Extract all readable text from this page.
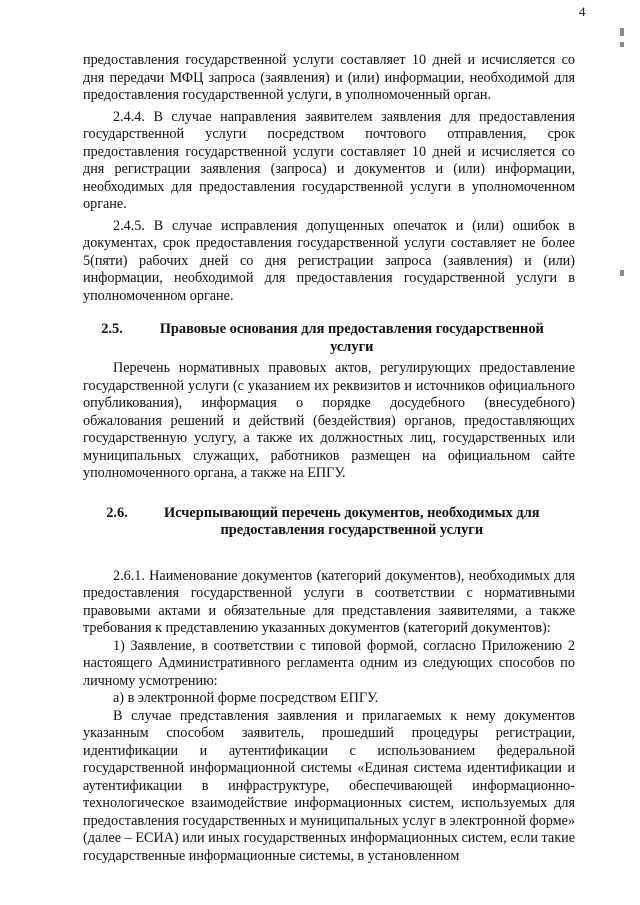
4

предоставления государственной услуги составляет 10 дней и исчисляется со дня передачи МФЦ запроса (заявления) и (или) информации, необходимой для предоставления государственной услуги, в уполномоченный орган.

2.4.4. В случае направления заявителем заявления для предоставления государственной услуги посредством почтового отправления, срок предоставления государственной услуги составляет 10 дней и исчисляется со дня регистрации заявления (запроса) и документов и (или) информации, необходимых для предоставления государственной услуги в уполномоченном органе.

2.4.5. В случае исправления допущенных опечаток и (или) ошибок в документах, срок предоставления государственной услуги составляет не более 5(пяти) рабочих дней со дня регистрации запроса (заявления) и (или) информации, необходимой для предоставления государственной услуги в уполномоченном органе.

2.5.	Правовые основания для предоставления государственной услуги

Перечень нормативных правовых актов, регулирующих предоставление государственной услуги (с указанием их реквизитов и источников официального опубликования), информация о порядке досудебного (внесудебного) обжалования решений и действий (бездействия) органов, предоставляющих государственную услугу, а также их должностных лиц, государственных или муниципальных служащих, работников размещен на официальном сайте уполномоченного органа, а также на ЕПГУ.

2.6.	Исчерпывающий перечень документов, необходимых для предоставления государственной услуги

2.6.1. Наименование документов (категорий документов), необходимых для предоставления государственной услуги в соответствии с нормативными правовыми актами и обязательные для представления заявителями, а также требования к представлению указанных документов (категорий документов):

1) Заявление, в соответствии с типовой формой, согласно Приложению 2 настоящего Административного регламента одним из следующих способов по личному усмотрению:

а) в электронной форме посредством ЕПГУ.

В случае представления заявления и прилагаемых к нему документов указанным способом заявитель, прошедший процедуры регистрации, идентификации и аутентификации с использованием федеральной государственной информационной системы «Единая система идентификации и аутентификации в инфраструктуре, обеспечивающей информационно-технологическое взаимодействие информационных систем, используемых для предоставления государственных и муниципальных услуг в электронной форме» (далее – ЕСИА) или иных государственных информационных систем, если такие государственные информационные системы, в установленном
